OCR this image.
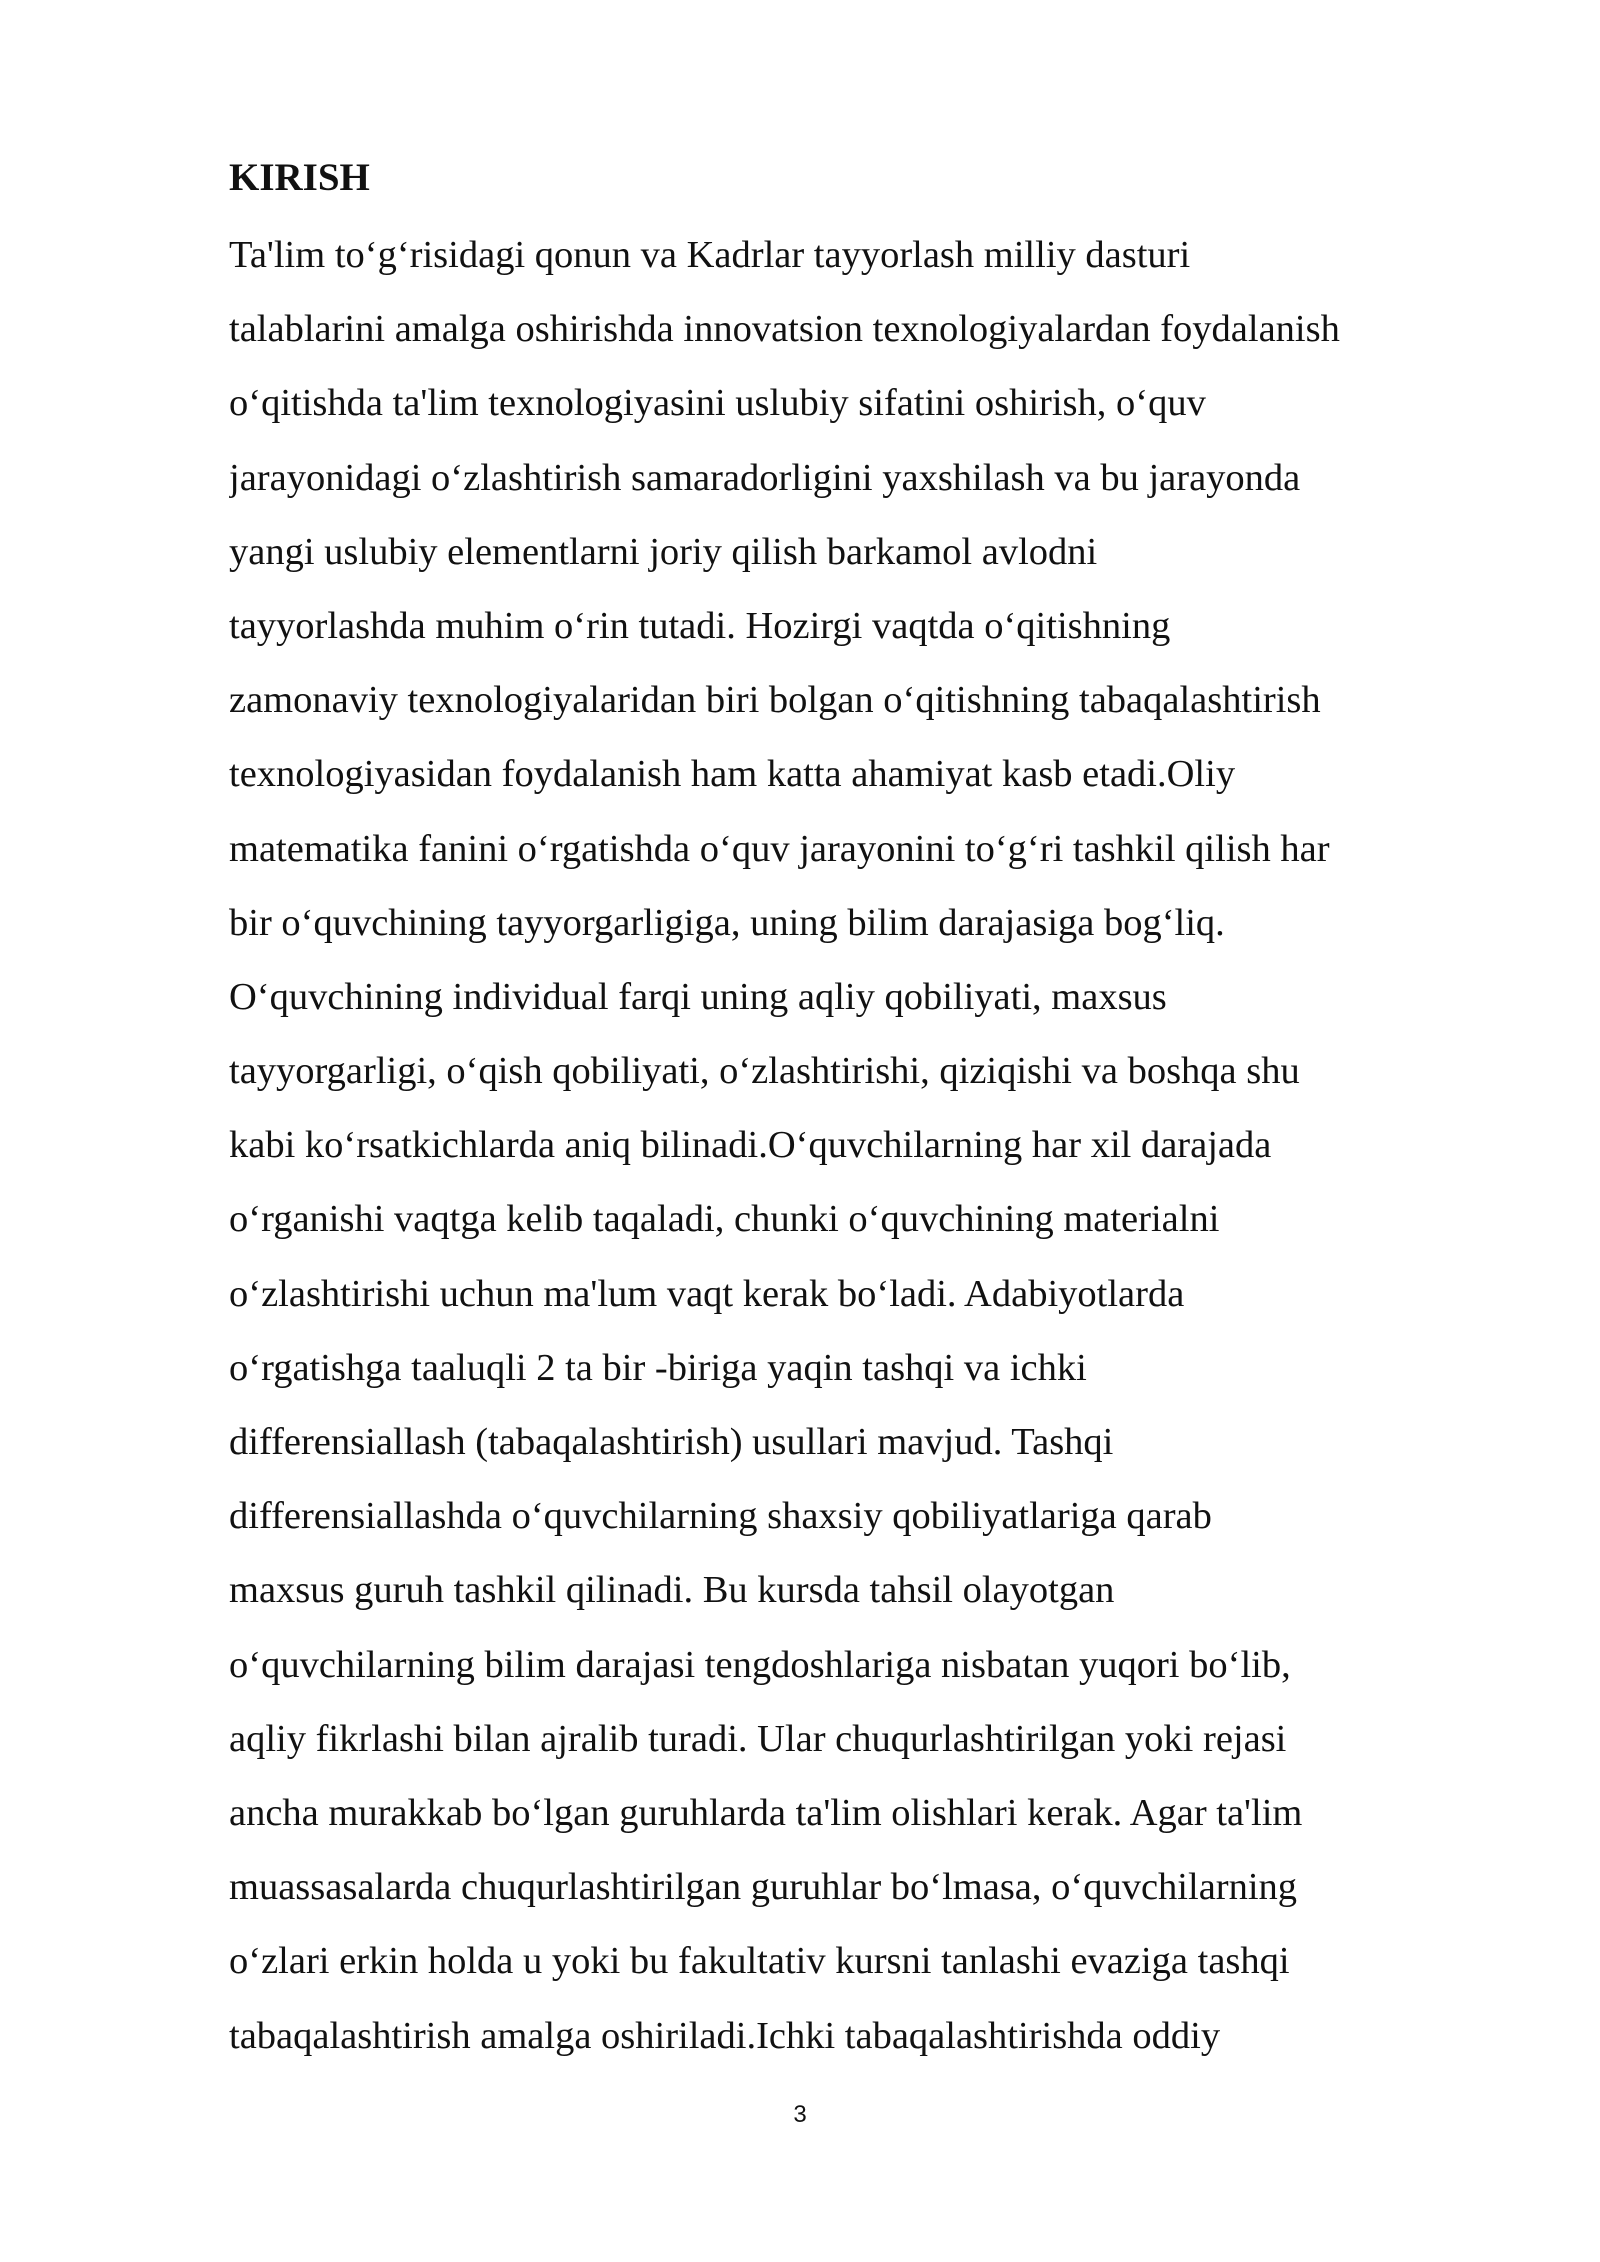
KIRISH
Ta'lim to‘g‘risidagi qonun va Kadrlar tayyorlash milliy dasturi
talablarini amalga oshirishda innovatsion texnologiyalardan foydalanish
o‘qitishda ta'lim texnologiyasini uslubiy sifatini oshirish, o‘quv
jarayonidagi o‘zlashtirish samaradorligini yaxshilash va bu jarayonda
yangi uslubiy elementlarni joriy qilish barkamol avlodni
tayyorlashda muhim o‘rin tutadi. Hozirgi vaqtda o‘qitishning
zamonaviy texnologiyalaridan biri bolgan o‘qitishning tabaqalashtirish
texnologiyasidan foydalanish ham katta ahamiyat kasb etadi.Oliy
matematika fanini o‘rgatishda o‘quv jarayonini to‘g‘ri tashkil qilish har
bir o‘quvchining tayyorgarligiga, uning bilim darajasiga bog‘liq.
O‘quvchining individual farqi uning aqliy qobiliyati, maxsus
tayyorgarligi, o‘qish qobiliyati, o‘zlashtirishi, qiziqishi va boshqa shu
kabi ko‘rsatkichlarda aniq bilinadi.O‘quvchilarning har xil darajada
o‘rganishi vaqtga kelib taqaladi, chunki o‘quvchining materialni
o‘zlashtirishi uchun ma'lum vaqt kerak bo‘ladi. Adabiyotlarda
o‘rgatishga taaluqli 2 ta bir -biriga yaqin tashqi va ichki
differensiallash (tabaqalashtirish) usullari mavjud. Tashqi
differensiallashda o‘quvchilarning shaxsiy qobiliyatlariga qarab
maxsus guruh tashkil qilinadi. Bu kursda tahsil olayotgan
o‘quvchilarning bilim darajasi tengdoshlariga nisbatan yuqori bo‘lib,
aqliy fikrlashi bilan ajralib turadi. Ular chuqurlashtirilgan yoki rejasi
ancha murakkab bo‘lgan guruhlarda ta'lim olishlari kerak. Agar ta'lim
muassasalarda chuqurlashtirilgan guruhlar bo‘lmasa, o‘quvchilarning
o‘zlari erkin holda u yoki bu fakultativ kursni tanlashi evaziga tashqi
tabaqalashtirish amalga oshiriladi.Ichki tabaqalashtirishda oddiy
3
